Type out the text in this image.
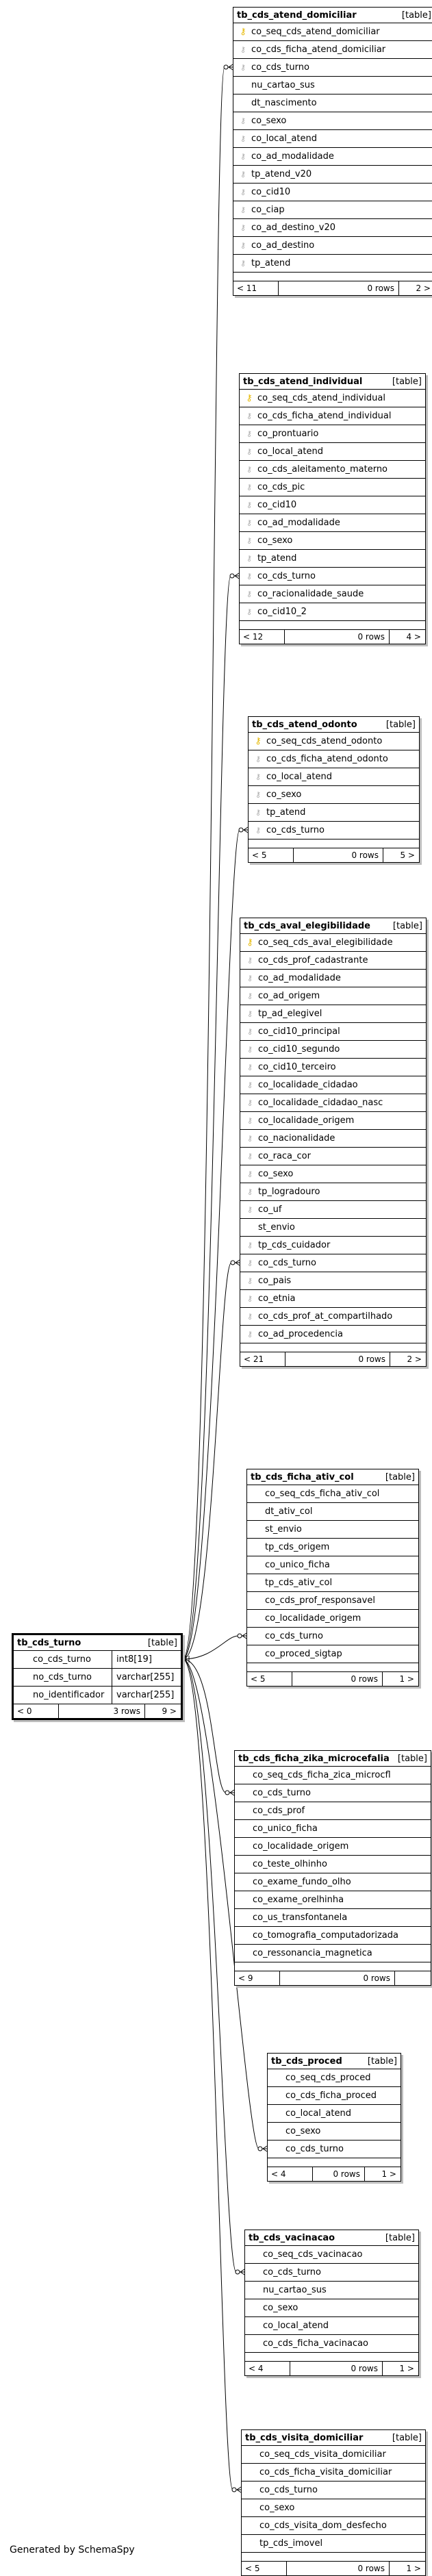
tb_cds_atend_domiciliar	[table]
⚷ co_seq_cds_atend_domiciliar
⚷ co_cds_ficha_atend_domiciliar
⚷ co_cds_turno
nu_cartao_sus
dt_nascimento
⚷ co_sexo
⚷ co_local_atend
⚷ co_ad_modalidade
⚷ tp_atend_v20
⚷ co_cid10
⚷ co_ciap
⚷ co_ad_destino_v20
⚷ co_ad_destino
⚷ tp_atend
< 11	0 rows	2 >
tb_cds_atend_individual	[table]
⚷ co_seq_cds_atend_individual
⚷ co_cds_ficha_atend_individual
⚷ co_prontuario
⚷ co_local_atend
⚷ co_cds_aleitamento_materno
⚷ co_cds_pic
⚷ co_cid10
⚷ co_ad_modalidade
⚷ co_sexo
⚷ tp_atend
⚷ co_cds_turno
⚷ co_racionalidade_saude
⚷ co_cid10_2
< 12	0 rows	4 >
tb_cds_atend_odonto	[table]
⚷ co_seq_cds_atend_odonto
⚷ co_cds_ficha_atend_odonto
⚷ co_local_atend
⚷ co_sexo
⚷ tp_atend
⚷ co_cds_turno
< 5	0 rows	5 >
tb_cds_aval_elegibilidade	[table]
⚷ co_seq_cds_aval_elegibilidade
⚷ co_cds_prof_cadastrante
⚷ co_ad_modalidade
⚷ co_ad_origem
⚷ tp_ad_elegivel
⚷ co_cid10_principal
⚷ co_cid10_segundo
⚷ co_cid10_terceiro
⚷ co_localidade_cidadao
⚷ co_localidade_cidadao_nasc
⚷ co_localidade_origem
⚷ co_nacionalidade
⚷ co_raca_cor
⚷ co_sexo
⚷ tp_logradouro
⚷ co_uf
st_envio
⚷ tp_cds_cuidador
⚷ co_cds_turno
⚷ co_pais
⚷ co_etnia
⚷ co_cds_prof_at_compartilhado
⚷ co_ad_procedencia
< 21	0 rows	2 >
tb_cds_ficha_ativ_col	[table]
co_seq_cds_ficha_ativ_col
dt_ativ_col
st_envio
tp_cds_origem
co_unico_ficha
tp_cds_ativ_col
co_cds_prof_responsavel
co_localidade_origem
co_cds_turno
co_proced_sigtap
< 5	0 rows	1 >
tb_cds_ficha_zika_microcefalia [table]
co_seq_cds_ficha_zica_microcfl
co_cds_turno
co_cds_prof
co_unico_ficha
co_localidade_origem
co_teste_olhinho
co_exame_fundo_olho
co_exame_orelhinha
co_us_transfontanela
co_tomografia_computadorizada
co_ressonancia_magnetica
< 9	0 rows
tb_cds_proced	[table]
co_seq_cds_proced
co_cds_ficha_proced
co_local_atend
co_sexo
co_cds_turno
< 4	0 rows	1 >
tb_cds_vacinacao	[table]
co_seq_cds_vacinacao
co_cds_turno
nu_cartao_sus
co_sexo
co_local_atend
co_cds_ficha_vacinacao
< 4	0 rows	1 >
tb_cds_visita_domiciliar	[table]
co_seq_cds_visita_domiciliar
co_cds_ficha_visita_domiciliar
co_cds_turno
co_sexo
co_cds_visita_dom_desfecho
tp_cds_imovel
< 5	0 rows	1 >
tb_cds_turno	[table]
co_cds_turno	int8[19]
no_cds_turno	varchar[255]
no_identificador	varchar[255]
< 0	3 rows	9 >
Generated by SchemaSpy
